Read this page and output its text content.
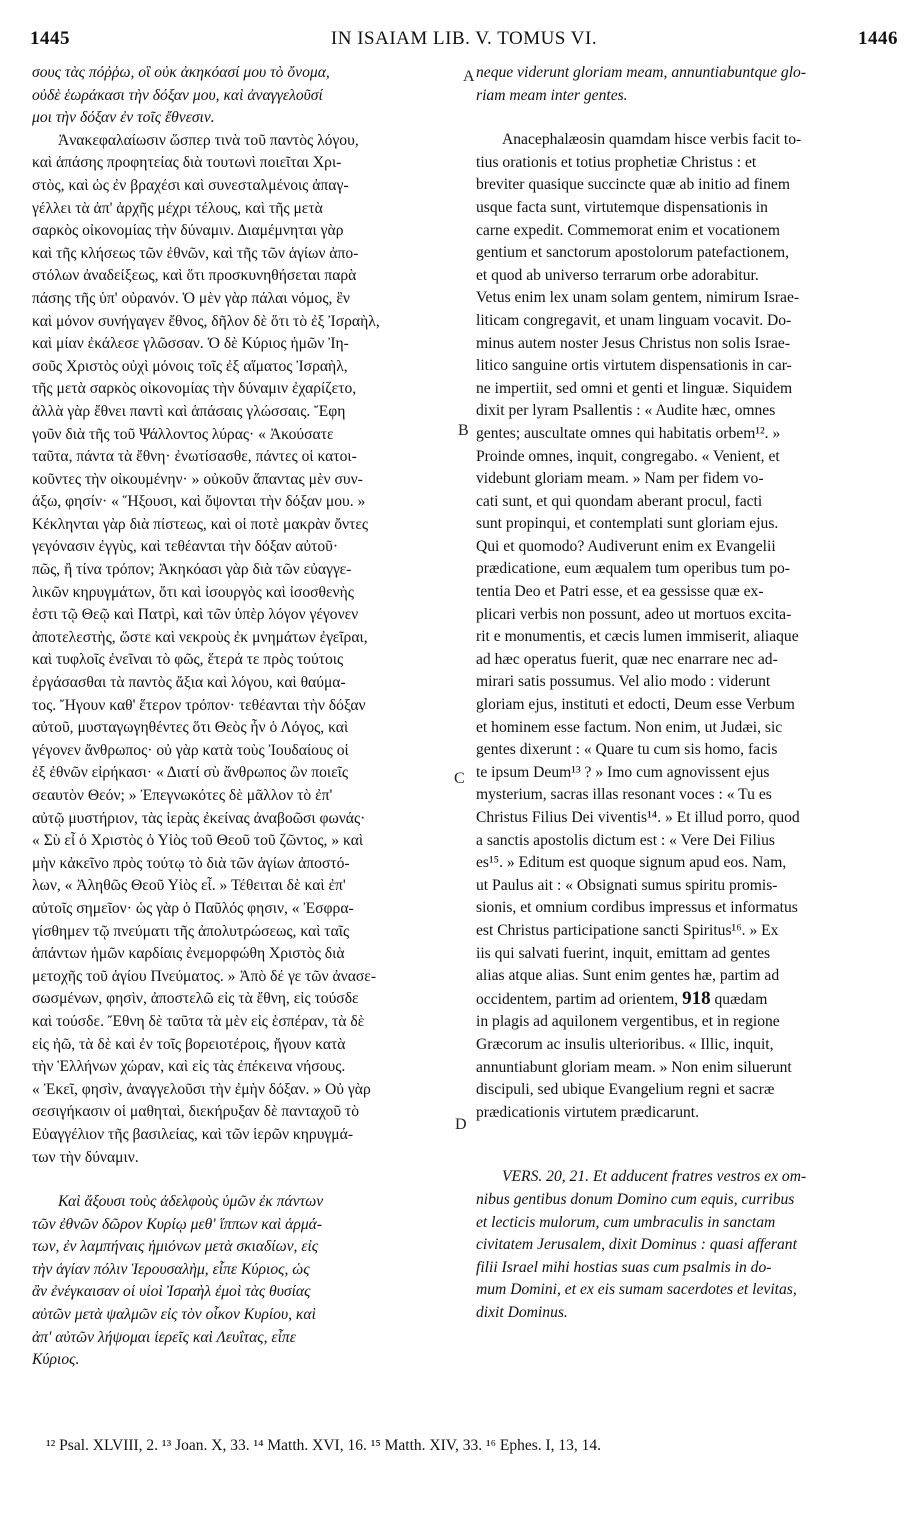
1445	IN ISAIAM LIB. V. TOMUS VI.	1446
σους τὰς πόῤῥω, οἳ οὐκ ἀκηκόασί μου τὸ ὄνομα,
οὐδὲ ἑωράκασι τὴν δόξαν μου, καὶ ἀναγγελοῦσί
μοι τὴν δόξαν ἐν τοῖς ἔθνεσιν.
Ἀνακεφαλαίωσιν ὥσπερ τινὰ τοῦ παντὸς λόγου,
καὶ ἁπάσης προφητείας διὰ τουτωνὶ ποιεῖται Χρι-
στὸς, καὶ ὡς ἐν βραχέσι καὶ συνεσταλμένοις ἀπαγ-
γέλλει τὰ ἀπ' ἀρχῆς μέχρι τέλους, καὶ τῆς μετὰ
σαρκὸς οἰκονομίας τὴν δύναμιν. Διαμέμνηται γὰρ
καὶ τῆς κλήσεως τῶν ἐθνῶν, καὶ τῆς τῶν ἁγίων ἀπο-
στόλων ἀναδείξεως, καὶ ὅτι προσκυνηθήσεται παρὰ
πάσης τῆς ὑπ' οὐρανόν. Ὁ μὲν γὰρ πάλαι νόμος, ἓν
καὶ μόνον συνήγαγεν ἔθνος, δῆλον δὲ ὅτι τὸ ἐξ Ἰσραὴλ,
καὶ μίαν ἐκάλεσε γλῶσσαν. Ὁ δὲ Κύριος ἡμῶν Ἰη-
σοῦς Χριστὸς οὐχὶ μόνοις τοῖς ἐξ αἵματος Ἰσραὴλ,
τῆς μετὰ σαρκὸς οἰκονομίας τὴν δύναμιν ἐχαρίζετο,
ἀλλὰ γὰρ ἔθνει παντὶ καὶ ἁπάσαις γλώσσαις. Ἔφη
γοῦν διὰ τῆς τοῦ Ψάλλοντος λύρας· « Ἀκούσατε
ταῦτα, πάντα τὰ ἔθνη· ἐνωτίσασθε, πάντες οἱ κατοι-
κοῦντες τὴν οἰκουμένην· » οὐκοῦν ἅπαντας μὲν συν-
άξω, φησίν· « Ἥξουσι, καὶ ὄψονται τὴν δόξαν μου. »
Κέκληνται γὰρ διὰ πίστεως, καὶ οἱ ποτὲ μακρὰν ὄντες
γεγόνασιν ἐγγὺς, καὶ τεθέανται τὴν δόξαν αὐτοῦ·
πῶς, ἢ τίνα τρόπον; Ἀκηκόασι γὰρ διὰ τῶν εὐαγγε-
λικῶν κηρυγμάτων, ὅτι καὶ ἰσουργὸς καὶ ἰσοσθενὴς
ἐστι τῷ Θεῷ καὶ Πατρὶ, καὶ τῶν ὑπὲρ λόγον γέγονεν
ἀποτελεστὴς, ὥστε καὶ νεκροὺς ἐκ μνημάτων ἐγεῖραι,
καὶ τυφλοῖς ἐνεῖναι τὸ φῶς, ἕτερά τε πρὸς τούτοις
ἐργάσασθαι τὰ παντὸς ἄξια καὶ λόγου, καὶ θαύμα-
τος. Ἤγουν καθ' ἕτερον τρόπον· τεθέανται τὴν δόξαν
αὐτοῦ, μυσταγωγηθέντες ὅτι Θεὸς ἦν ὁ Λόγος, καὶ
γέγονεν ἄνθρωπος· οὐ γὰρ κατὰ τοὺς Ἰουδαίους οἱ
ἐξ ἐθνῶν εἰρήκασι· « Διατί σὺ ἄνθρωπος ὢν ποιεῖς
σεαυτὸν Θεόν; » Ἐπεγνωκότες δὲ μᾶλλον τὸ ἐπ'
αὐτῷ μυστήριον, τὰς ἱερὰς ἐκείνας ἀναβοῶσι φωνάς·
« Σὺ εἶ ὁ Χριστὸς ὁ Υἱὸς τοῦ Θεοῦ τοῦ ζῶντος, » καὶ
μὴν κἀκεῖνο πρὸς τούτῳ τὸ διὰ τῶν ἁγίων ἀποστό-
λων, « Ἀληθῶς Θεοῦ Υἱὸς εἶ. » Τέθειται δὲ καὶ ἐπ'
αὐτοῖς σημεῖον· ὡς γὰρ ὁ Παῦλός φησιν, « Ἐσφρα-
γίσθημεν τῷ πνεύματι τῆς ἀπολυτρώσεως, καὶ ταῖς
ἁπάντων ἡμῶν καρδίαις ἐνεμορφώθη Χριστὸς διὰ
μετοχῆς τοῦ ἁγίου Πνεύματος. » Ἀπὸ δέ γε τῶν ἀνασε-
σωσμένων, φησὶν, ἀποστελῶ εἰς τὰ ἔθνη, εἰς τούσδε
καὶ τούσδε. Ἔθνη δὲ ταῦτα τὰ μὲν εἰς ἑσπέραν, τὰ δὲ
εἰς ἠῶ, τὰ δὲ καὶ ἐν τοῖς βορειοτέροις, ἤγουν κατὰ
τὴν Ἑλλήνων χώραν, καὶ εἰς τὰς ἐπέκεινα νήσους.
« Ἐκεῖ, φησὶν, ἀναγγελοῦσι τὴν ἐμὴν δόξαν. » Οὐ γὰρ
σεσιγήκασιν οἱ μαθηταὶ, διεκήρυξαν δὲ πανταχοῦ τὸ
Εὐαγγέλιον τῆς βασιλείας, καὶ τῶν ἱερῶν κηρυγμά-
των τὴν δύναμιν.
Καὶ ἄξουσι τοὺς ἀδελφοὺς ὑμῶν ἐκ πάντων
τῶν ἐθνῶν δῶρον Κυρίῳ μεθ' ἵππων καὶ ἁρμά-
των, ἐν λαμπήναις ἡμιόνων μετὰ σκιαδίων, εἰς
τὴν ἁγίαν πόλιν Ἱερουσαλὴμ, εἶπε Κύριος, ὡς
ἂν ἐνέγκαισαν οἱ υἱοὶ Ἰσραὴλ ἐμοὶ τὰς θυσίας
αὐτῶν μετὰ ψαλμῶν εἰς τὸν οἶκον Κυρίου, καὶ
ἀπ' αὐτῶν λήψομαι ἱερεῖς καὶ Λευΐτας, εἶπε
Κύριος.
neque viderunt gloriam meam, annuntiabuntque glo-
riam meam inter gentes.
Anacephalæosin quamdam hisce verbis facit to-
tius orationis et totius prophetiæ Christus : et
breviter quasique succincte quæ ab initio ad finem
usque facta sunt, virtutemque dispensationis in
carne expedit. Commemorat enim et vocationem
gentium et sanctorum apostolorum patefactionem,
et quod ab universo terrarum orbe adorabitur.
Vetus enim lex unam solam gentem, nimirum Israe-
liticam congregavit, et unam linguam vocavit. Do-
minus autem noster Jesus Christus non solis Israe-
litico sanguine ortis virtutem dispensationis in car-
ne impertiit, sed omni et genti et linguæ. Siquidem
dixit per lyram Psallentis : « Audite hæc, omnes
gentes; auscultate omnes qui habitatis orbem¹². »
Proinde omnes, inquit, congregabo. « Venient, et
videbunt gloriam meam. » Nam per fidem vo-
cati sunt, et qui quondam aberant procul, facti
sunt propinqui, et contemplati sunt gloriam ejus.
Qui et quomodo? Audiverunt enim ex Evangelii
prædicatione, eum æqualem tum operibus tum po-
tentia Deo et Patri esse, et ea gessisse quæ ex-
plicari verbis non possunt, adeo ut mortuos excita-
rit e monumentis, et cæcis lumen immiserit, aliaque
ad hæc operatus fuerit, quæ nec enarrare nec ad-
mirari satis possumus. Vel alio modo : viderunt
gloriam ejus, instituti et edocti, Deum esse Verbum
et hominem esse factum. Non enim, ut Judæi, sic
gentes dixerunt : « Quare tu cum sis homo, facis
te ipsum Deum¹³ ? » Imo cum agnovissent ejus
mysterium, sacras illas resonant voces : « Tu es
Christus Filius Dei viventis¹⁴. » Et illud porro, quod
a sanctis apostolis dictum est : « Vere Dei Filius
es¹⁵. » Editum est quoque signum apud eos. Nam,
ut Paulus ait : « Obsignati sumus spiritu promis-
sionis, et omnium cordibus impressus et informatus
est Christus participatione sancti Spiritus¹⁶. » Ex
iis qui salvati fuerint, inquit, emittam ad gentes
alias atque alias. Sunt enim gentes hæ, partim ad
occidentem, partim ad orientem, 918 quædam
in plagis ad aquilonem vergentibus, et in regione
Græcorum ac insulis ulterioribus. « Illic, inquit,
annuntiabunt gloriam meam. » Non enim siluerunt
discipuli, sed ubique Evangelium regni et sacræ
prædicationis virtutem prædicarunt.
VERS. 20, 21. Et adducent fratres vestros ex om-
nibus gentibus donum Domino cum equis, curribus
et lecticis mulorum, cum umbraculis in sanctam
civitatem Jerusalem, dixit Dominus : quasi afferant
filii Israel mihi hostias suas cum psalmis in do-
mum Domini, et ex eis sumam sacerdotes et levitas,
dixit Dominus.
A
B
C
D
¹² Psal. XLVIII, 2. ¹³ Joan. X, 33. ¹⁴ Matth. XVI, 16. ¹⁵ Matth. XIV, 33. ¹⁶ Ephes. I, 13, 14.
